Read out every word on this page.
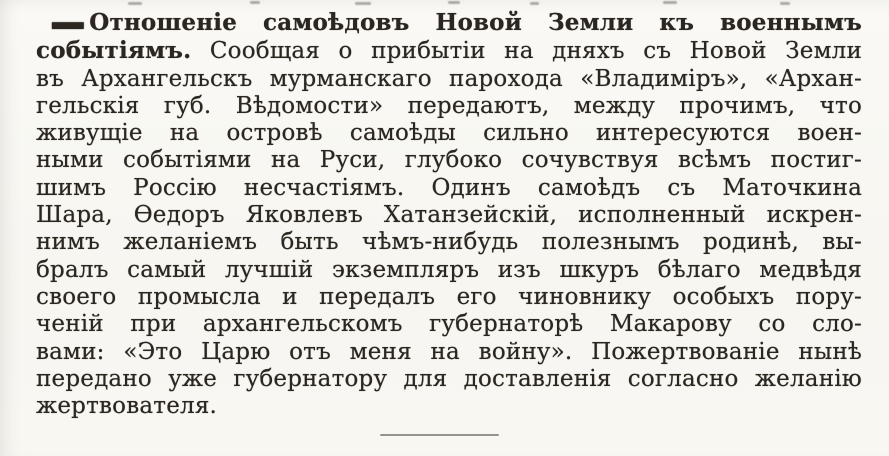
— Отношеніе самоѣдовъ Новой Земли къ военнымъ
событіямъ. Сообщая о прибытіи на дняхъ съ Новой Земли
въ Архангельскъ мурманскаго парохода «Владиміръ», «Архан-
гельскія губ. Вѣдомости» передаютъ, между прочимъ, что
живущіе на островѣ самоѣды сильно интересуются воен-
ными событіями на Руси, глубоко сочувствуя всѣмъ постиг-
шимъ Россію несчастіямъ. Одинъ самоѣдъ съ Маточкина
Шара, Ѳедоръ Яковлевъ Хатанзейскій, исполненный искрен-
нимъ желаніемъ быть чѣмъ-нибудь полезнымъ родинѣ, вы-
бралъ самый лучшій экземпляръ изъ шкуръ бѣлаго медвѣдя
своего промысла и передалъ его чиновнику особыхъ пору-
ченій при архангельскомъ губернаторѣ Макарову со сло-
вами: «Это Царю отъ меня на войну». Пожертвованіе нынѣ
передано уже губернатору для доставленія согласно желанію
жертвователя.
